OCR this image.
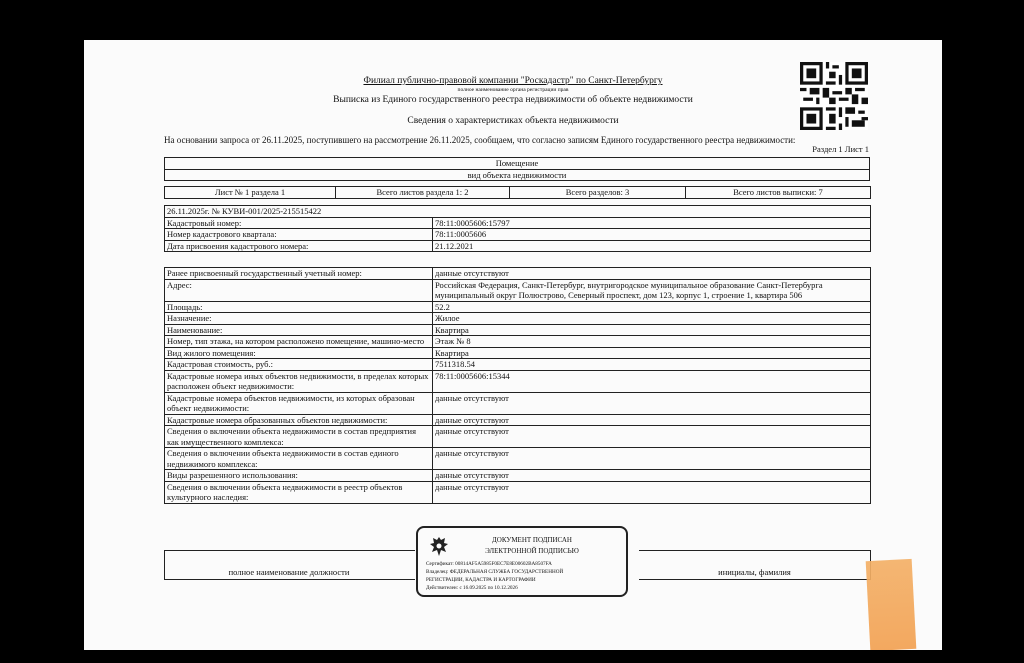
Филиал публично-правовой компании "Роскадастр" по Санкт-Петербургу
полное наименование органа регистрации прав
Выписка из Единого государственного реестра недвижимости об объекте недвижимости
Сведения о характеристиках объекта недвижимости
На основании запроса от 26.11.2025, поступившего на рассмотрение 26.11.2025, сообщаем, что согласно записям Единого государственного реестра недвижимости:
Раздел 1 Лист 1
Помещение
вид объекта недвижимости
Лист № 1 раздела 1	Всего листов раздела 1: 2	Всего разделов: 3	Всего листов выписки: 7
26.11.2025г. № КУВИ-001/2025-215515422	
Кадастровый номер:	78:11:0005606:15797
Номер кадастрового квартала:	78:11:0005606
Дата присвоения кадастрового номера:	21.12.2021
Ранее присвоенный государственный учетный номер:	данные отсутствуют
Адрес:	Российская Федерация, Санкт-Петербург, внутригородское муниципальное образование Санкт-Петербурга муниципальный округ Полюстрово, Северный проспект, дом 123, корпус 1, строение 1, квартира 506
Площадь:	52.2
Назначение:	Жилое
Наименование:	Квартира
Номер, тип этажа, на котором расположено помещение, машино-место	Этаж № 8
Вид жилого помещения:	Квартира
Кадастровая стоимость, руб.:	7511318.54
Кадастровые номера иных объектов недвижимости, в пределах которых расположен объект недвижимости:	78:11:0005606:15344
Кадастровые номера объектов недвижимости, из которых образован объект недвижимости:	данные отсутствуют
Кадастровые номера образованных объектов недвижимости:	данные отсутствуют
Сведения о включении объекта недвижимости в состав предприятия как имущественного комплекса:	данные отсутствуют
Сведения о включении объекта недвижимости в состав единого недвижимого комплекса:	данные отсутствуют
Виды разрешенного использования:	данные отсутствуют
Сведения о включении объекта недвижимости в реестр объектов культурного наследия:	данные отсутствуют
полное наименование должности	инициалы, фамилия
ДОКУМЕНТ ПОДПИСАН
ЭЛЕКТРОННОЙ ПОДПИСЬЮ
Сертификат: 00814AF5A5985F0EC7E8E00602BA8507FA
Владелец: ФЕДЕРАЛЬНАЯ СЛУЖБА ГОСУДАРСТВЕННОЙ
РЕГИСТРАЦИИ, КАДАСТРА И КАРТОГРАФИИ
Действителен: с 16.09.2025 по 10.12.2026
